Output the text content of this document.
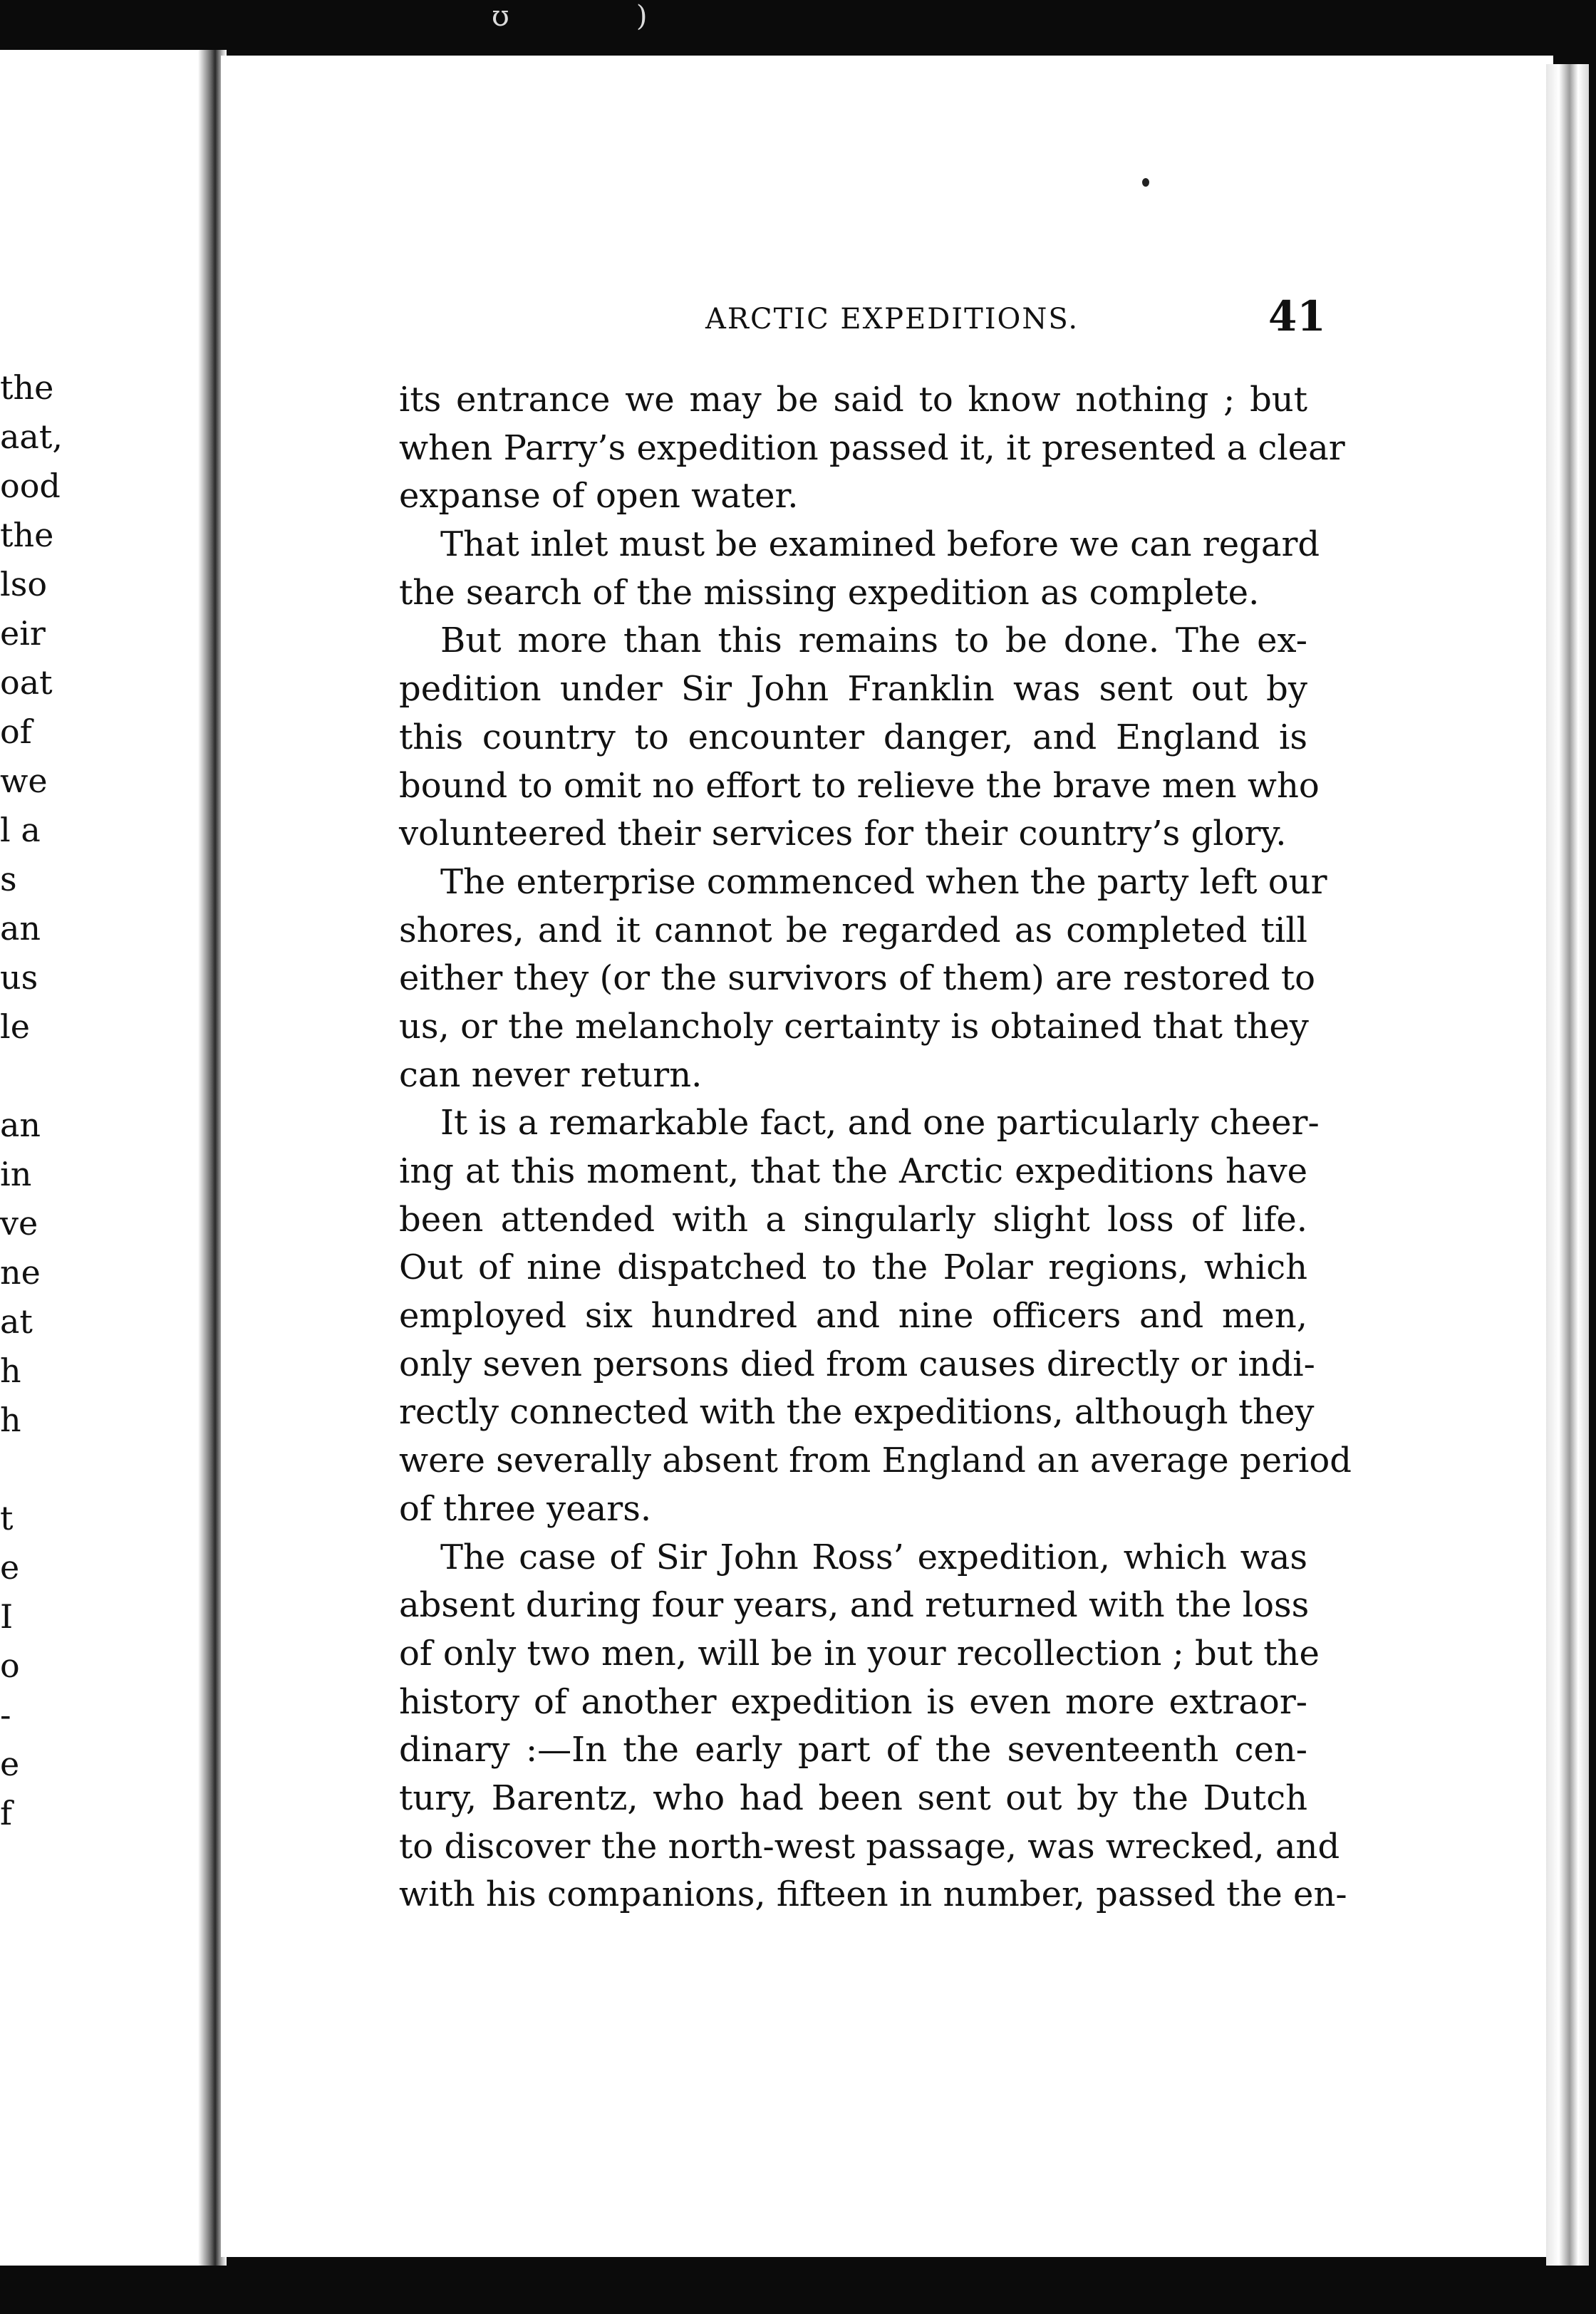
ʊ              )
the
aat,
ood
the
lso
eir
oat
of
we
l a
s
an
us
le
an
in
ve
ne
at
h
h
t
e
I
o
-
e
f
ARCTIC EXPEDITIONS.	41
its entrance we may be said to know nothing ; but
when Parry’s expedition passed it, it presented a clear
expanse of open water.
That inlet must be examined before we can regard
the search of the missing expedition as complete.
But more than this remains to be done. The ex-
pedition under Sir John Franklin was sent out by
this country to encounter danger, and England is
bound to omit no effort to relieve the brave men who
volunteered their services for their country’s glory.
The enterprise commenced when the party left our
shores, and it cannot be regarded as completed till
either they (or the survivors of them) are restored to
us, or the melancholy certainty is obtained that they
can never return.
It is a remarkable fact, and one particularly cheer-
ing at this moment, that the Arctic expeditions have
been attended with a singularly slight loss of life.
Out of nine dispatched to the Polar regions, which
employed six hundred and nine officers and men,
only seven persons died from causes directly or indi-
rectly connected with the expeditions, although they
were severally absent from England an average period
of three years.
The case of Sir John Ross’ expedition, which was
absent during four years, and returned with the loss
of only two men, will be in your recollection ; but the
history of another expedition is even more extraor-
dinary :—In the early part of the seventeenth cen-
tury, Barentz, who had been sent out by the Dutch
to discover the north-west passage, was wrecked, and
with his companions, fifteen in number, passed the en-
